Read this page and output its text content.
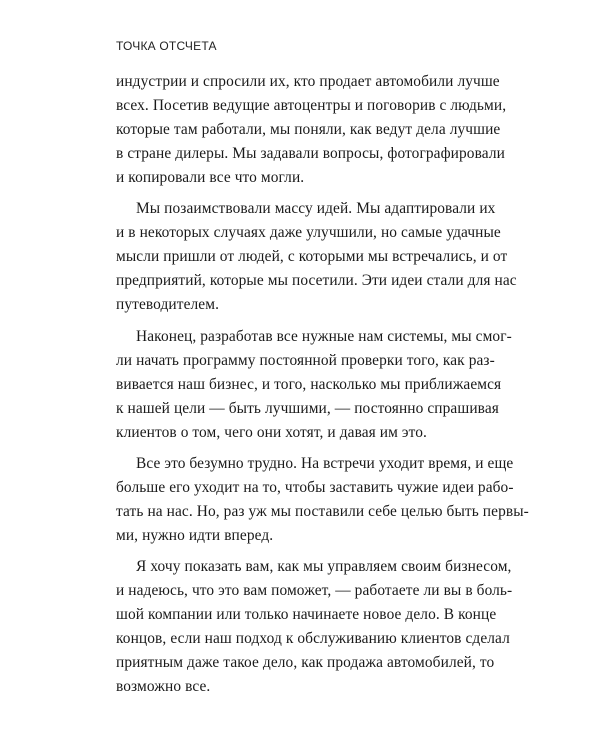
ТОЧКА ОТСЧЕТА

индустрии и спросили их, кто продает автомобили лучше
всех. Посетив ведущие автоцентры и поговорив с людьми,
которые там работали, мы поняли, как ведут дела лучшие
в стране дилеры. Мы задавали вопросы, фотографировали
и копировали все что могли.

Мы позаимствовали массу идей. Мы адаптировали их
и в некоторых случаях даже улучшили, но самые удачные
мысли пришли от людей, с которыми мы встречались, и от
предприятий, которые мы посетили. Эти идеи стали для нас
путеводителем.

Наконец, разработав все нужные нам системы, мы смог-
ли начать программу постоянной проверки того, как раз-
вивается наш бизнес, и того, насколько мы приближаемся
к нашей цели — быть лучшими, — постоянно спрашивая
клиентов о том, чего они хотят, и давая им это.

Все это безумно трудно. На встречи уходит время, и еще
больше его уходит на то, чтобы заставить чужие идеи рабо-
тать на нас. Но, раз уж мы поставили себе целью быть первы-
ми, нужно идти вперед.

Я хочу показать вам, как мы управляем своим бизнесом,
и надеюсь, что это вам поможет, — работаете ли вы в боль-
шой компании или только начинаете новое дело. В конце
концов, если наш подход к обслуживанию клиентов сделал
приятным даже такое дело, как продажа автомобилей, то
возможно все.
